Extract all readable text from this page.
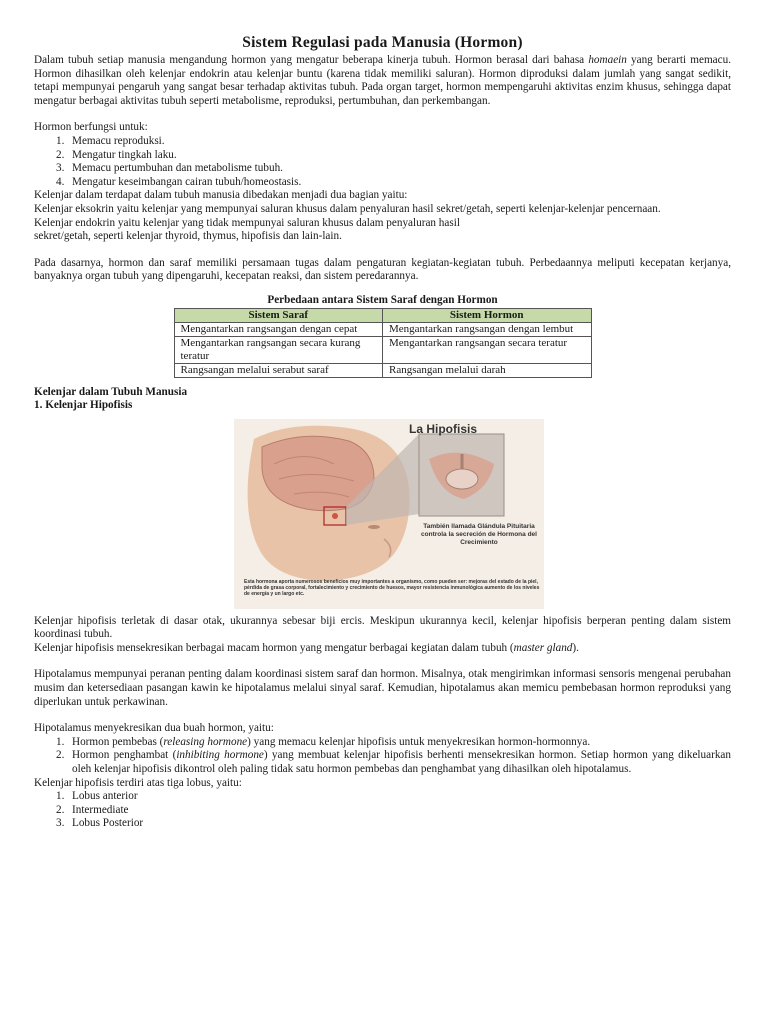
Sistem Regulasi pada Manusia (Hormon)

Dalam tubuh setiap manusia mengandung hormon yang mengatur beberapa kinerja tubuh. Hormon berasal dari bahasa homaein yang berarti memacu. Hormon dihasilkan oleh kelenjar endokrin atau kelenjar buntu (karena tidak memiliki saluran). Hormon diproduksi dalam jumlah yang sangat sedikit, tetapi mempunyai pengaruh yang sangat besar terhadap aktivitas tubuh. Pada organ target, hormon mempengaruhi aktivitas enzim khusus, sehingga dapat mengatur berbagai aktivitas tubuh seperti metabolisme, reproduksi, pertumbuhan, dan perkembangan.

Hormon berfungsi untuk:

1. Memacu reproduksi.
2. Mengatur tingkah laku.
3. Memacu pertumbuhan dan metabolisme tubuh.
4. Mengatur keseimbangan cairan tubuh/homeostasis.

Kelenjar dalam terdapat dalam tubuh manusia dibedakan menjadi dua bagian yaitu:

Kelenjar eksokrin yaitu kelenjar yang mempunyai saluran khusus dalam penyaluran hasil sekret/getah, seperti kelenjar-kelenjar pencernaan.

Kelenjar endokrin yaitu kelenjar yang tidak mempunyai saluran khusus dalam penyaluran hasil

sekret/getah, seperti kelenjar thyroid, thymus, hipofisis dan lain-lain.

Pada dasarnya, hormon dan saraf memiliki persamaan tugas dalam pengaturan kegiatan-kegiatan tubuh. Perbedaannya meliputi kecepatan kerjanya, banyaknya organ tubuh yang dipengaruhi, kecepatan reaksi, dan sistem peredarannya.

Perbedaan antara Sistem Saraf dengan Hormon
Sistem Saraf	Sistem Hormon
Mengantarkan rangsangan dengan cepat	Mengantarkan rangsangan dengan lembut
Mengantarkan rangsangan secara kurang teratur	Mengantarkan rangsangan secara teratur
Rangsangan melalui serabut saraf	Rangsangan melalui darah

Kelenjar dalam Tubuh Manusia

1. Kelenjar Hipofisis

La Hipofisis
También llamada Glándula Pituitaria controla la secreción de Hormona del Crecimiento
Esta hormona aporta numerosos beneficios muy importantes a organismo, como pueden ser: mejoras del estado de la piel, pérdida de grasa corporal, fortalecimiento y crecimiento de huesos, mayor resistencia inmunológica aumento de los niveles de energía y un largo etc.

Kelenjar hipofisis terletak di dasar otak, ukurannya sebesar biji ercis. Meskipun ukurannya kecil, kelenjar hipofisis berperan penting dalam sistem koordinasi tubuh.

Kelenjar hipofisis mensekresikan berbagai macam hormon yang mengatur berbagai kegiatan dalam tubuh (master gland).

Hipotalamus mempunyai peranan penting dalam koordinasi sistem saraf dan hormon. Misalnya, otak mengirimkan informasi sensoris mengenai perubahan musim dan ketersediaan pasangan kawin ke hipotalamus melalui sinyal saraf. Kemudian, hipotalamus akan memicu pembebasan hormon reproduksi yang diperlukan untuk perkawinan.

Hipotalamus menyekresikan dua buah hormon, yaitu:

1. Hormon pembebas (releasing hormone) yang memacu kelenjar hipofisis untuk menyekresikan hormon-hormonnya.
2. Hormon penghambat (inhibiting hormone) yang membuat kelenjar hipofisis berhenti mensekresikan hormon. Setiap hormon yang dikeluarkan oleh kelenjar hipofisis dikontrol oleh paling tidak satu hormon pembebas dan penghambat yang dihasilkan oleh hipotalamus.

Kelenjar hipofisis terdiri atas tiga lobus, yaitu:

1. Lobus anterior
2. Intermediate
3. Lobus Posterior
